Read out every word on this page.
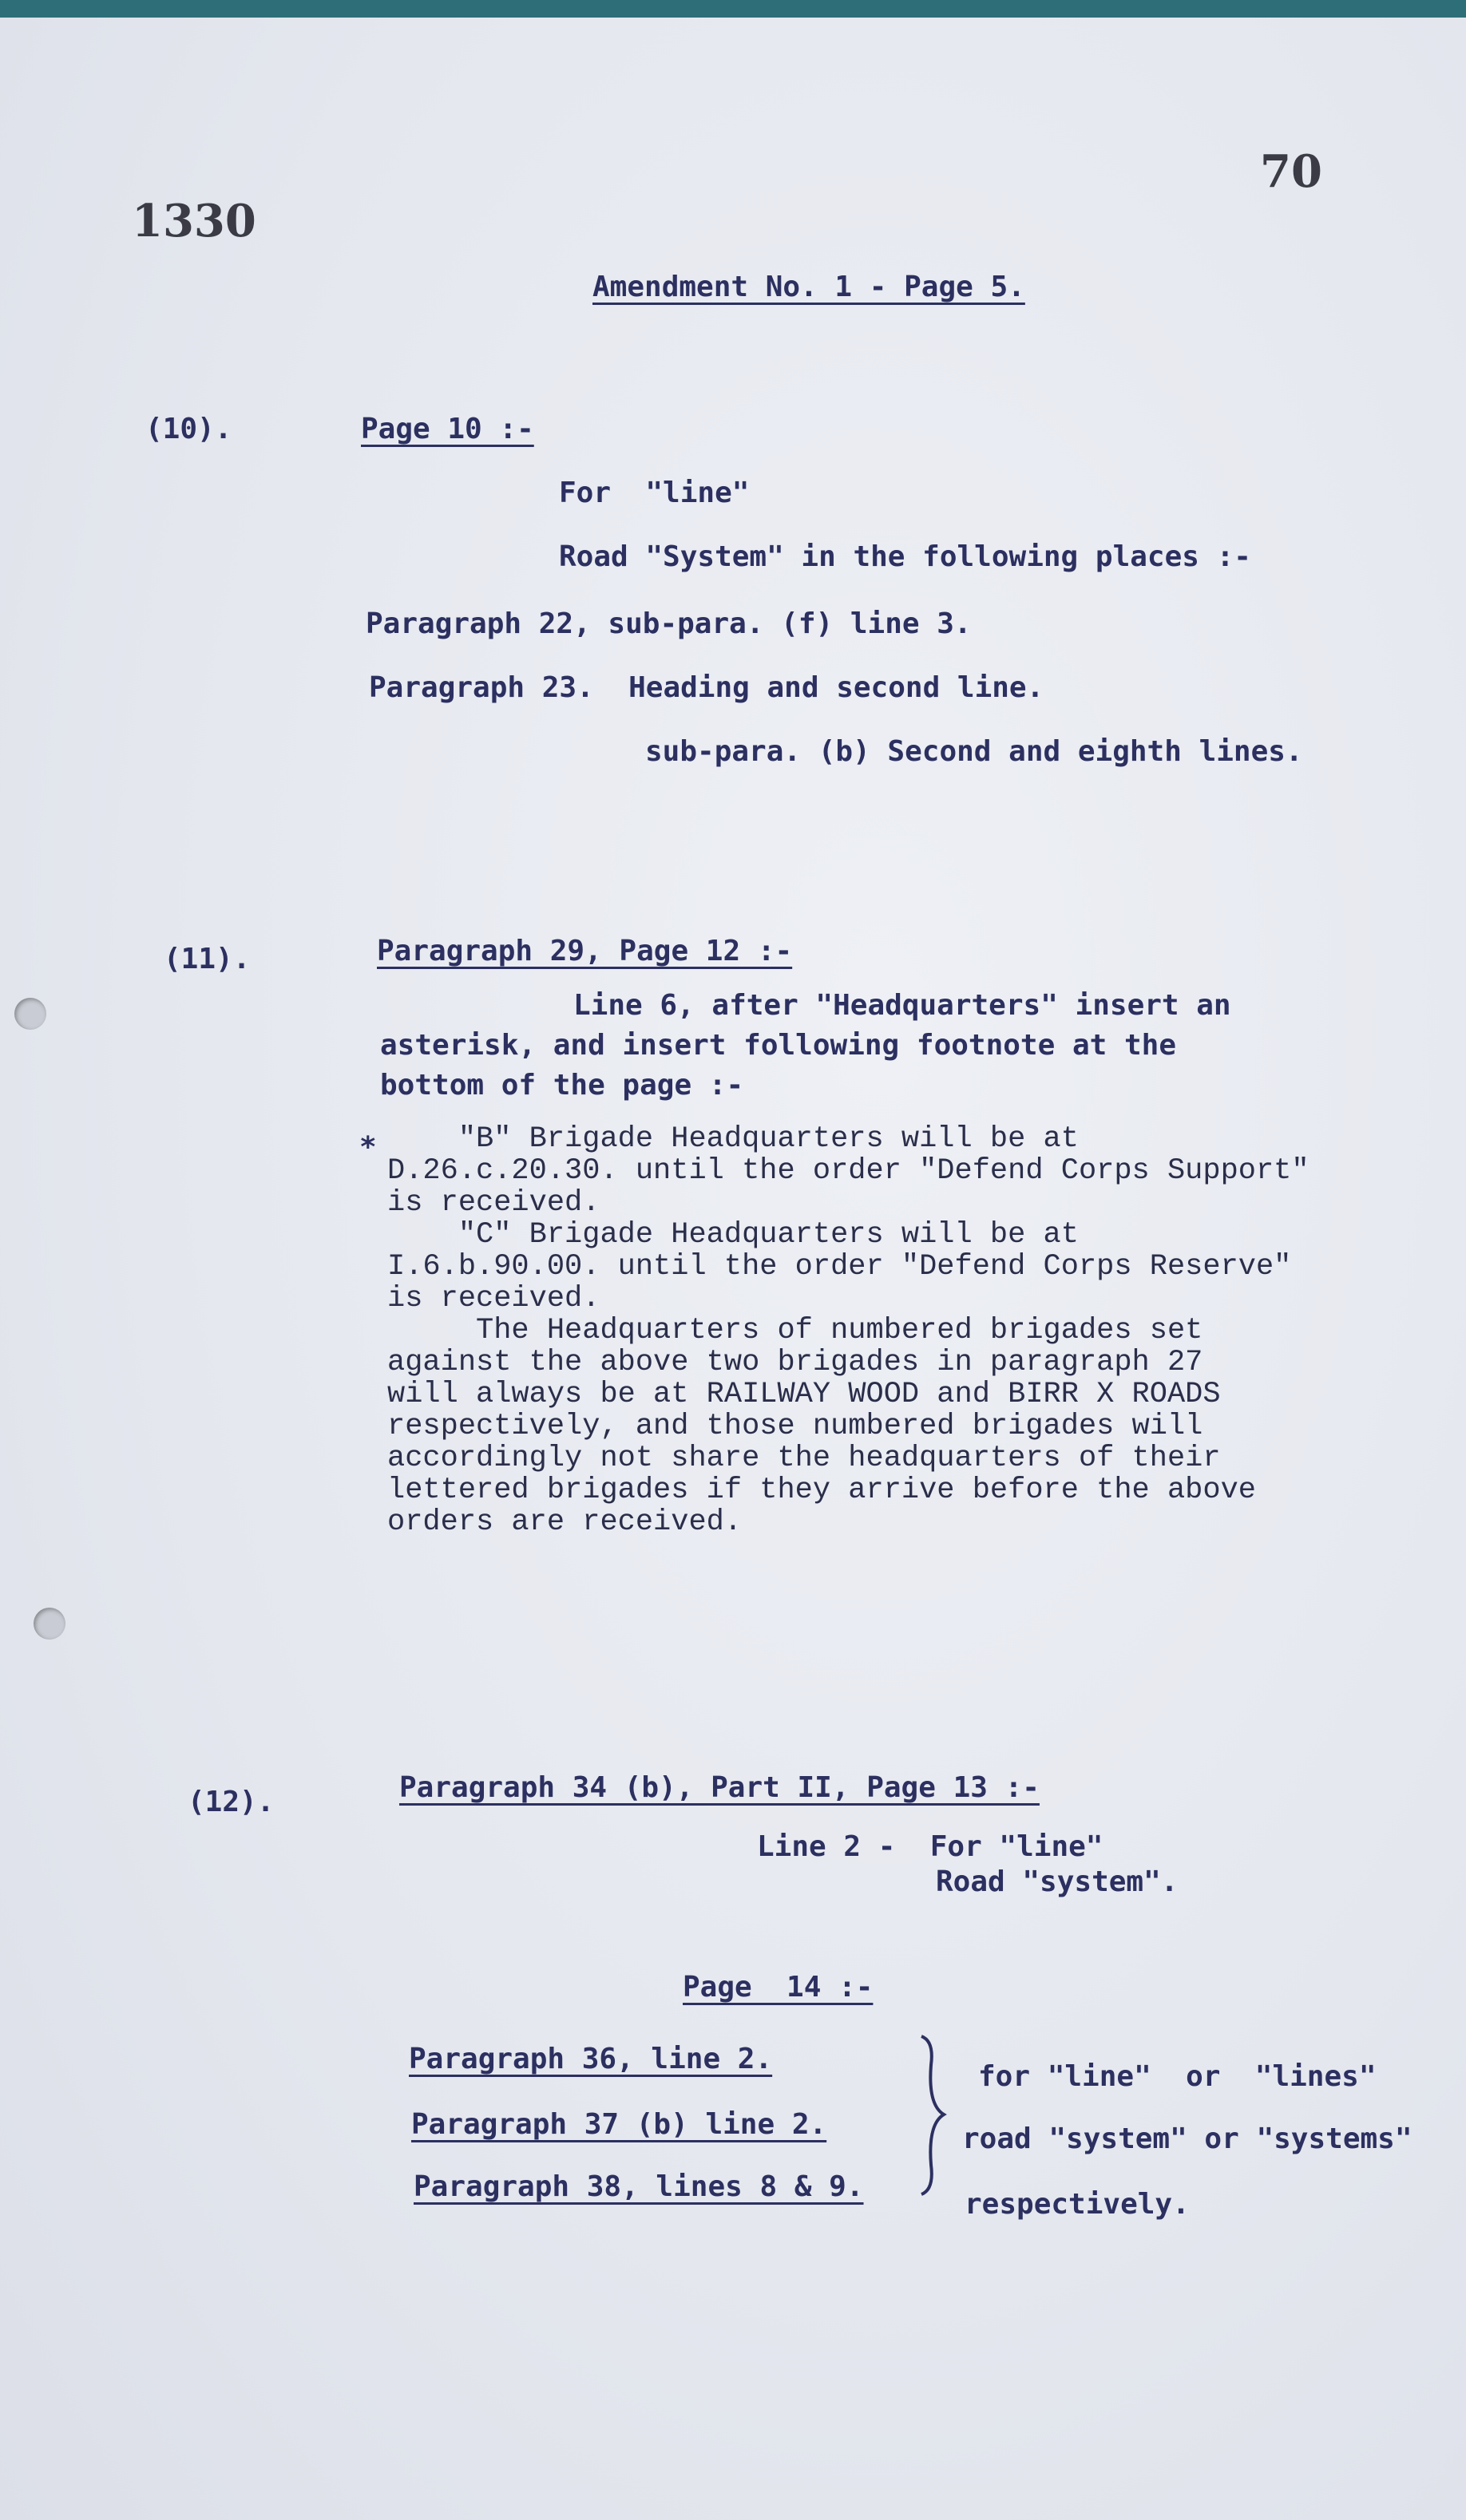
70
1330
Amendment No. 1 - Page 5.
(10).	Page 10 :-
For  "line"
Road "System" in the following places :-
Paragraph 22, sub-para. (f) line 3.
Paragraph 23.  Heading and second line.
sub-para. (b) Second and eighth lines.
(11).	Paragraph 29, Page 12 :-
Line 6, after "Headquarters" insert an
asterisk, and insert following footnote at the
bottom of the page :-
* "B" Brigade Headquarters will be at

D.26.c.20.30. until the order "Defend Corps Support"

is received.

"C" Brigade Headquarters will be at

I.6.b.90.00. until the order "Defend Corps Reserve"

is received.

The Headquarters of numbered brigades set

against the above two brigades in paragraph 27

will always be at RAILWAY WOOD and BIRR X ROADS

respectively, and those numbered brigades will

accordingly not share the headquarters of their

lettered brigades if they arrive before the above

orders are received.

(12).	Paragraph 34 (b), Part II, Page 13 :-
Line 2 -  For "line"
Road "system".
Page  14 :-
Paragraph 36, line 2.
Paragraph 37 (b) line 2.
Paragraph 38, lines 8 & 9.
for "line"  or  "lines"
road "system" or "systems"
respectively.
